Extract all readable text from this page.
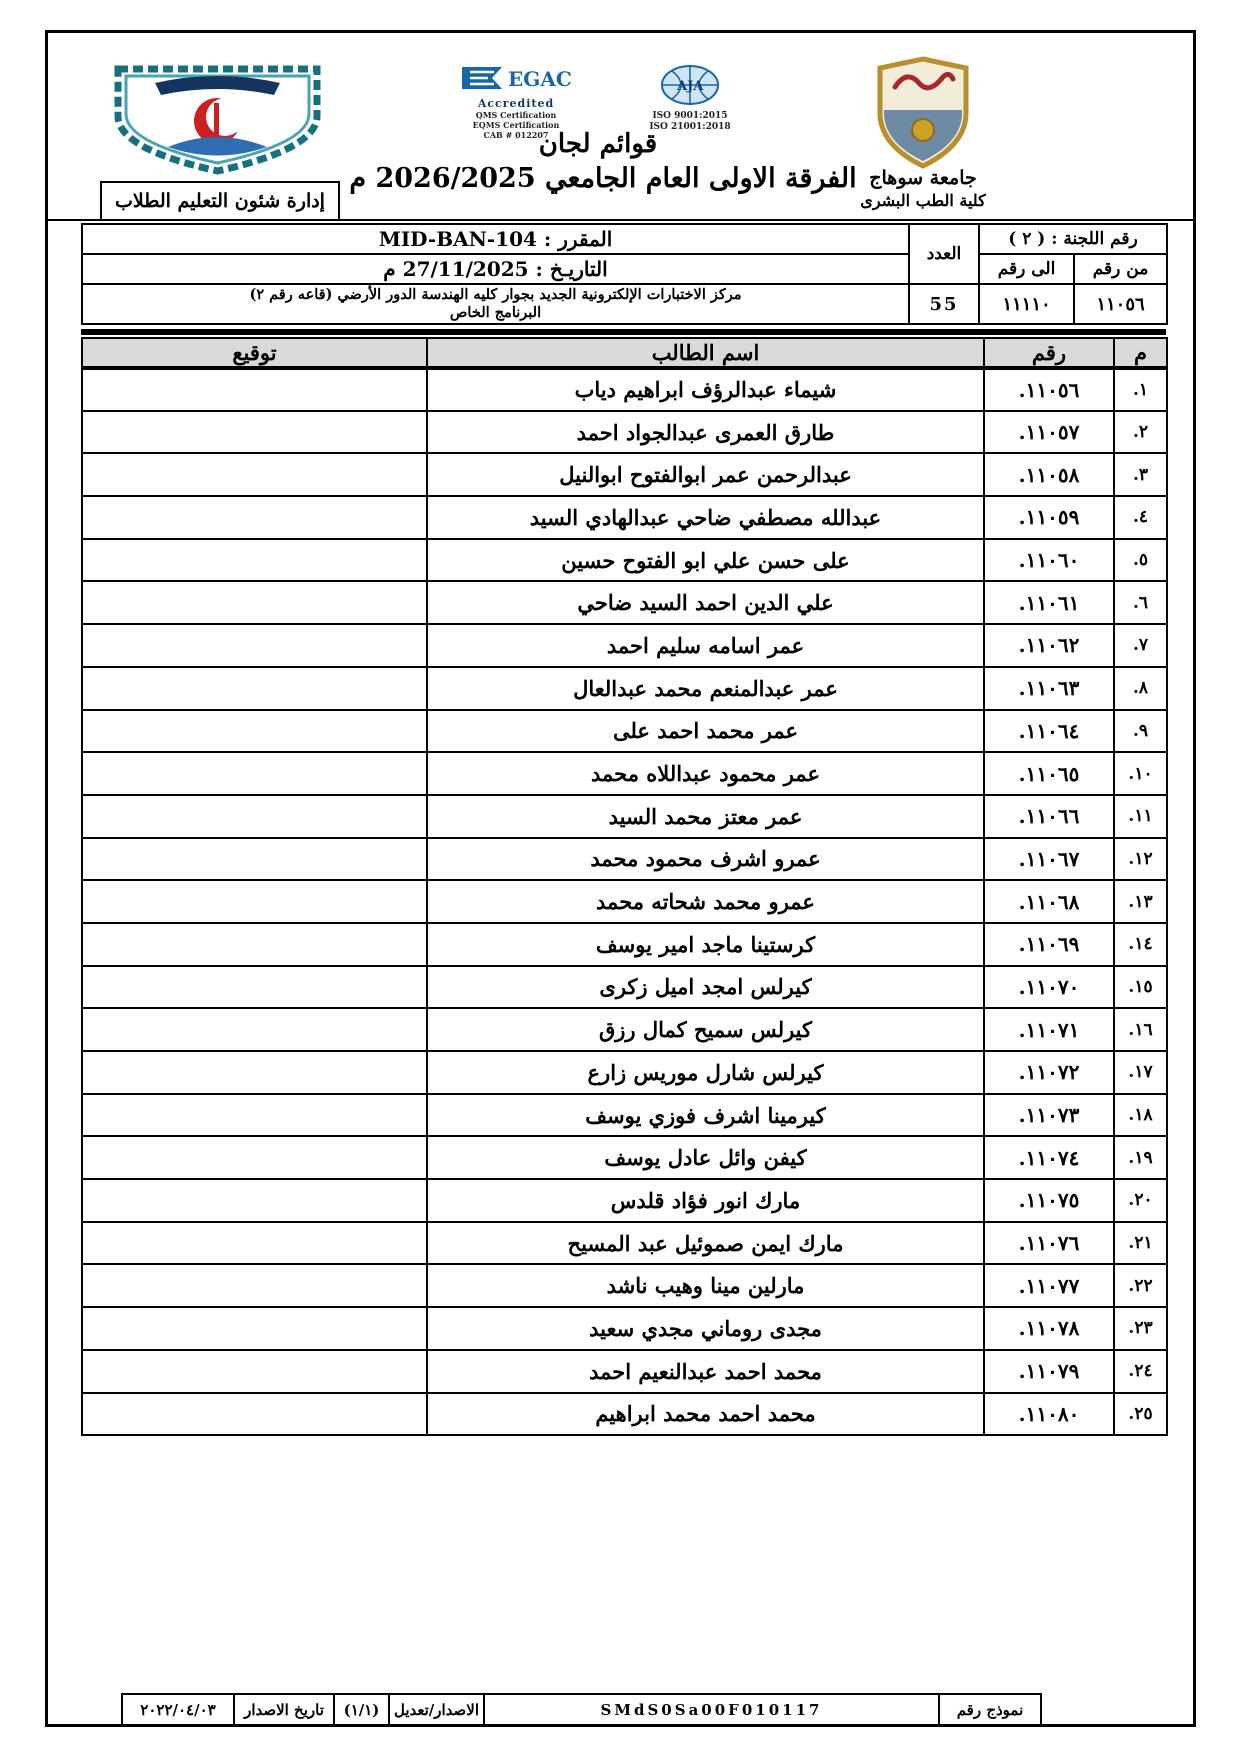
إدارة شئون التعليم الطلاب
EGAC
Accredited
QMS Certification
EQMS Certification
CAB # 012207
AJA
ISO 9001:2015
ISO 21001:2018
قوائم لجان
الفرقة الاولى العام الجامعي 2026/2025 م جامعة سوهاج
كلية الطب البشرى
رقم اللجنة : ( ٢ )		العدد	المقرر : MID-BAN-104
من رقم	الى رقم		التاريـخ : 27/11/2025 م
١١٠٥٦	١١١١٠	55	مركز الاختبارات الإلكترونية الجديد بجوار كليه الهندسة الدور الأرضي (قاعه رقم ٢)
البرنامج الخاص
م	رقم	اسم الطالب	توقيع
١.	١١٠٥٦.	شيماء عبدالرؤف ابراهيم دياب	
٢.	١١٠٥٧.	طارق العمرى عبدالجواد احمد	
٣.	١١٠٥٨.	عبدالرحمن عمر ابوالفتوح ابوالنيل	
٤.	١١٠٥٩.	عبدالله مصطفي ضاحي عبدالهادي السيد	
٥.	١١٠٦٠.	على حسن علي ابو الفتوح حسين	
٦.	١١٠٦١.	علي الدين احمد السيد ضاحي	
٧.	١١٠٦٢.	عمر اسامه سليم احمد	
٨.	١١٠٦٣.	عمر عبدالمنعم محمد عبدالعال	
٩.	١١٠٦٤.	عمر محمد احمد على	
١٠.	١١٠٦٥.	عمر محمود عبداللاه محمد	
١١.	١١٠٦٦.	عمر معتز محمد السيد	
١٢.	١١٠٦٧.	عمرو اشرف محمود محمد	
١٣.	١١٠٦٨.	عمرو محمد شحاته محمد	
١٤.	١١٠٦٩.	كرستينا ماجد امير يوسف	
١٥.	١١٠٧٠.	كيرلس امجد اميل زكرى	
١٦.	١١٠٧١.	كيرلس سميح كمال رزق	
١٧.	١١٠٧٢.	كيرلس شارل موريس زارع	
١٨.	١١٠٧٣.	كيرمينا اشرف فوزي يوسف	
١٩.	١١٠٧٤.	كيفن وائل عادل يوسف	
٢٠.	١١٠٧٥.	مارك انور فؤاد قلدس	
٢١.	١١٠٧٦.	مارك ايمن صموئيل عبد المسيح	
٢٢.	١١٠٧٧.	مارلين مينا وهيب ناشد	
٢٣.	١١٠٧٨.	مجدى روماني مجدي سعيد	
٢٤.	١١٠٧٩.	محمد احمد عبدالنعيم احمد	
٢٥.	١١٠٨٠.	محمد احمد محمد ابراهيم	
نموذج رقم	SMdS0Sa00F010117	الاصدار/تعديل	(١/١)	تاريخ الاصدار	٢٠٢٢/٠٤/٠٣
